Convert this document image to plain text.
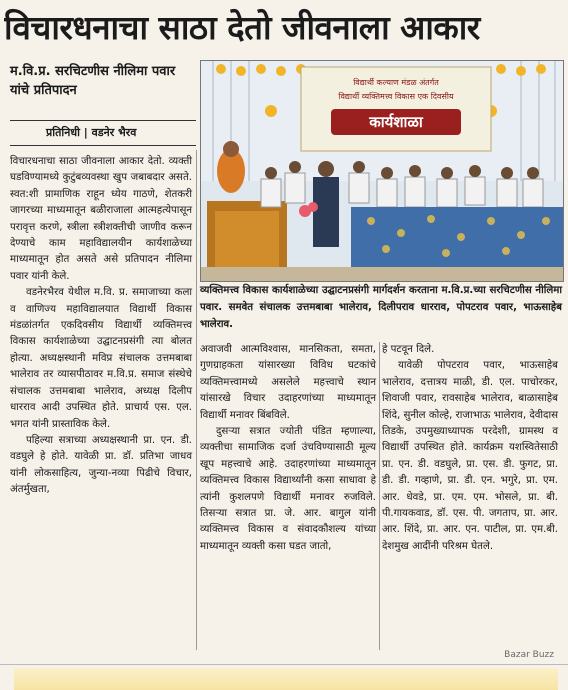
विचारधनाचा साठा देतो जीवनाला आकार
म.वि.प्र. सरचिटणीस नीलिमा पवार यांचे प्रतिपादन
प्रतिनिधी | वडनेर भैरव
विद्यार्थी कल्याण मंडळ अंतर्गत
विद्यार्थी व्यक्तिमत्त्व विकास एक दिवसीय
कार्यशाळा
व्यक्तिमत्त्व विकास कार्यशाळेच्या उद्घाटनप्रसंगी मार्गदर्शन करताना म.वि.प्र.च्या सरचिटणीस नीलिमा पवार. समवेत संचालक उत्तमबाबा भालेराव, दिलीपराव धारराव, पोपटराव पवार, भाऊसाहेब भालेराव.

विचारधनाचा साठा जीवनाला आकार देतो. व्यक्ती घडविण्यामध्ये कुटुंबव्यवस्था खुप जबाबदार असते. स्वत:शी प्रामाणिक राहून ध्येय गाठणे, शेतकरी जागरच्या माध्यमातून बळीराजाला आत्महत्येपासून परावृत्त करणे, स्त्रीला स्त्रीशक्तीची जाणीव करून देण्याचे काम महाविद्यालयीन कार्यशाळेच्या माध्यमातून होत असते असे प्रतिपादन नीलिमा पवार यांनी केले.

वडनेरभैरव येथील म.वि. प्र. समाजाच्या कला व वाणिज्य महाविद्यालयात विद्यार्थी विकास मंडळांतर्गत एकदिवसीय विद्यार्थी व्यक्तिमत्त्व विकास कार्यशाळेच्या उद्घाटनप्रसंगी त्या बोलत होत्या. अध्यक्षस्थानी मविप्र संचालक उत्तमबाबा भालेराव तर व्यासपीठावर म.वि.प्र. समाज संस्थेचे संचालक उत्तमबाबा भालेराव, अध्यक्ष दिलीप धारराव आदी उपस्थित होते. प्राचार्य एस. एल. भगत यांनी प्रास्ताविक केले.

पहिल्या सत्राच्या अध्यक्षस्थानी प्रा. एन. डी. वडघुले हे होते. यावेळी प्रा. डॉ. प्रतिभा जाधव यांनी लोकसाहित्य, जुन्या-नव्या पिढीचे विचार, अंतर्मुखता,

अवाजवी आत्मविश्वास, मानसिकता, समता, गुणग्राहकता यांसारख्या विविध घटकांचे व्यक्तिमत्त्वामध्ये असलेले महत्त्वाचे स्थान यांसारखे विचार उदाहरणांच्या माध्यमातून विद्यार्थी मनावर बिंबविले.

दुसऱ्या सत्रात ज्योती पंडित म्हणाल्या, व्यक्तीचा सामाजिक दर्जा उंचविण्यासाठी मूल्य खूप महत्त्वाचे आहे. उदाहरणांच्या माध्यमातून व्यक्तिमत्त्व विकास विद्यार्थ्यांनी कसा साधावा हे त्यांनी कुशलपणे विद्यार्थी मनावर रुजविले. तिसऱ्या सत्रात प्रा. जे. आर. बागुल यांनी व्यक्तिमत्त्व विकास व संवादकौशल्य यांच्या माध्यमातून व्यक्ती कसा घडत जातो,

हे पटवून दिले.

यावेळी पोपटराव पवार, भाऊसाहेब भालेराव, दत्तात्रय माळी, डी. एल. पाचोरकर, शिवाजी पवार, रावसाहेब भालेराव, बाळासाहेब शिंदे, सुनील कोल्हे, राजाभाऊ भालेराव, देवीदास तिडके, उपमुख्याध्यापक परदेशी, ग्रामस्थ व विद्यार्थी उपस्थित होते. कार्यक्रम यशस्वितेसाठी प्रा. एन. डी. वडघुले, प्रा. एस. डी. फुगट, प्रा. डी. डी. गव्हाणे, प्रा. डी. एन. भगुरे, प्रा. एम. आर. धेवडे, प्रा. एम. एम. भोसले, प्रा. बी. पी.गायकवाड, डॉ. एस. पी. जगताप, प्रा. आर. आर. शिंदे, प्रा. आर. एन. पाटील, प्रा. एम.बी. देशमुख आदींनी परिश्रम घेतले.

Bazar Buzz
